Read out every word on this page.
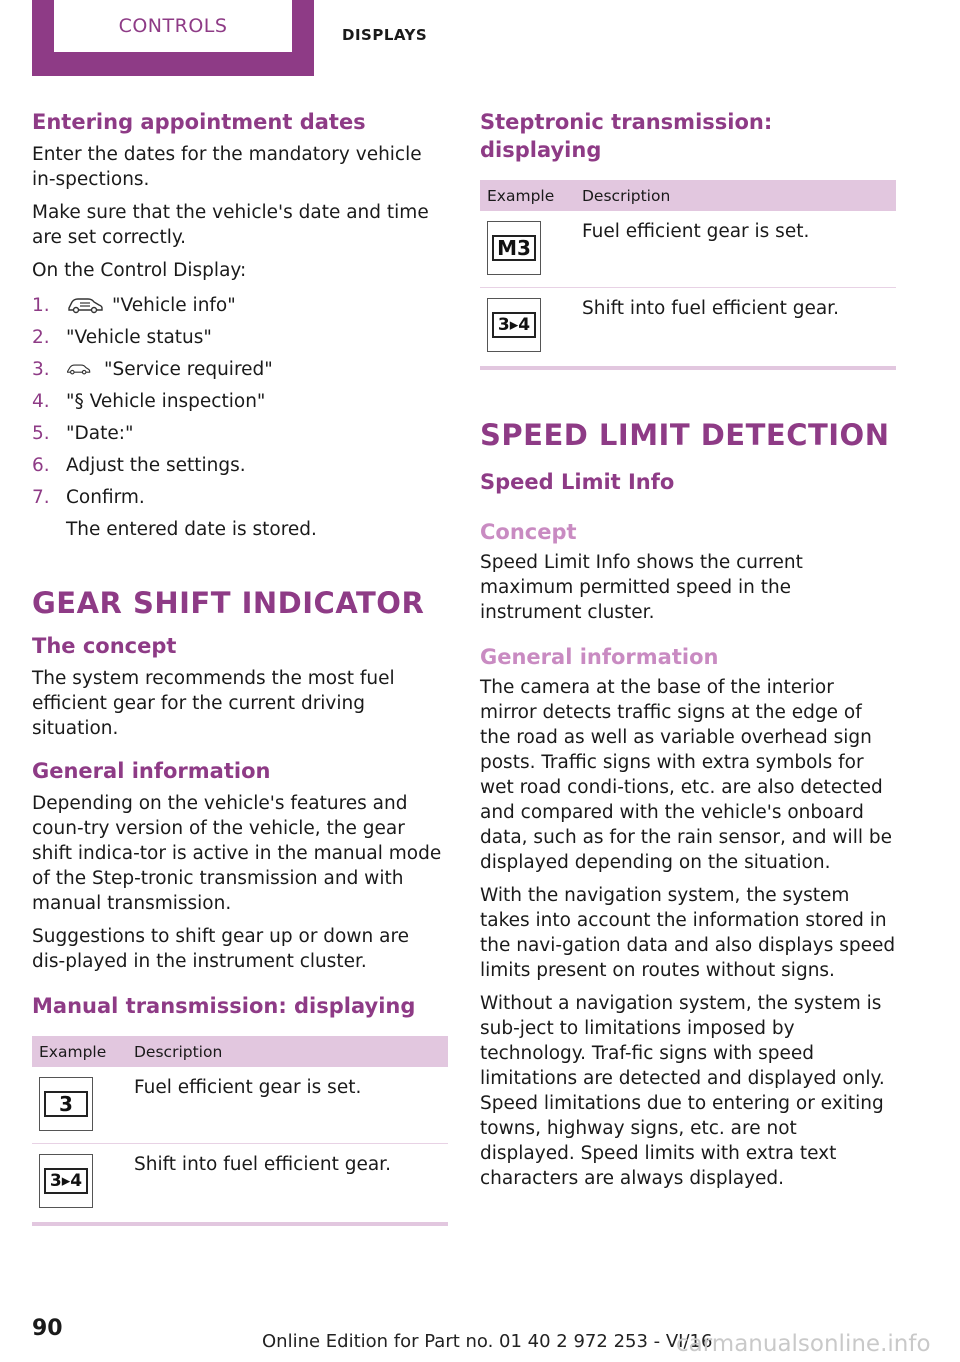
CONTROLS	DISPLAYS
Entering appointment dates

Enter the dates for the mandatory vehicle in-spections.

Make sure that the vehicle's date and time are set correctly.

On the Control Display:

1.	"Vehicle info"
2. "Vehicle status"
3.	"Service required"
4. "§ Vehicle inspection"
5. "Date:"
6. Adjust the settings.
7. Confirm.

The entered date is stored.

GEAR SHIFT INDICATOR
The concept

The system recommends the most fuel efficient gear for the current driving situation.

General information

Depending on the vehicle's features and coun-try version of the vehicle, the gear shift indica-tor is active in the manual mode of the Step-tronic transmission and with manual transmission.

Suggestions to shift gear up or down are dis-played in the instrument cluster.

Manual transmission: displaying
Example	Description

3	Fuel efficient gear is set.

3▸4	Shift into fuel efficient gear.
Steptronic transmission: displaying
Example	Description

M3	Fuel efficient gear is set.

3▸4	Shift into fuel efficient gear.
SPEED LIMIT DETECTION
Speed Limit Info
Concept

Speed Limit Info shows the current maximum permitted speed in the instrument cluster.

General information

The camera at the base of the interior mirror detects traffic signs at the edge of the road as well as variable overhead sign posts. Traffic signs with extra symbols for wet road condi-tions, etc. are also detected and compared with the vehicle's onboard data, such as for the rain sensor, and will be displayed depending on the situation.

With the navigation system, the system takes into account the information stored in the navi-gation data and also displays speed limits present on routes without signs.

Without a navigation system, the system is sub-ject to limitations imposed by technology. Traf-fic signs with speed limitations are detected and displayed only. Speed limitations due to entering or exiting towns, highway signs, etc. are not displayed. Speed limits with extra text characters are always displayed.

90
Online Edition for Part no. 01 40 2 972 253 - VI/16
carmanualsonline.info
